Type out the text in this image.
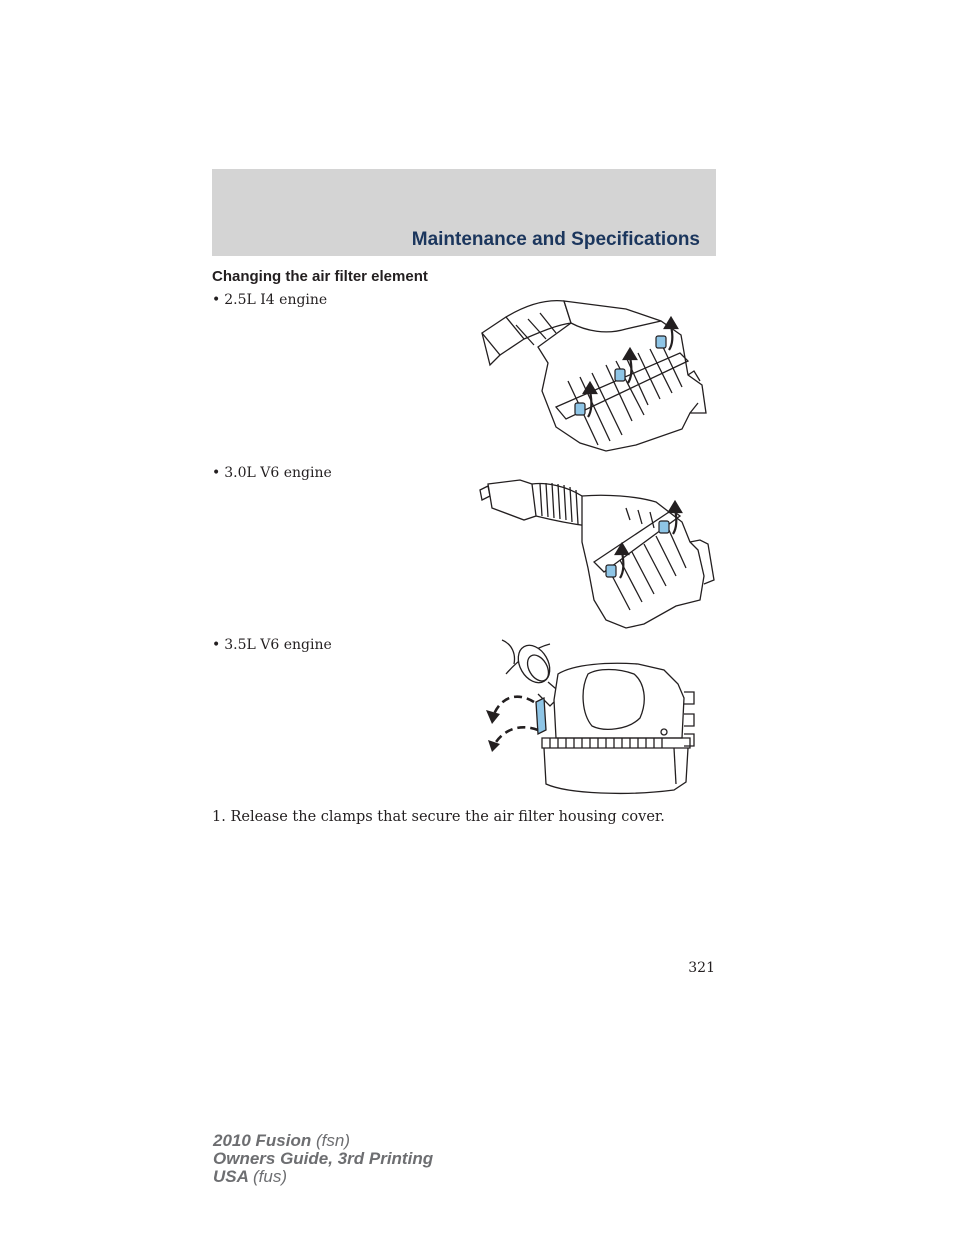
Maintenance and Specifications
Changing the air filter element
• 2.5L I4 engine
• 3.0L V6 engine
• 3.5L V6 engine
1. Release the clamps that secure the air filter housing cover.
321
2010 Fusion (fsn)
Owners Guide, 3rd Printing
USA (fus)
